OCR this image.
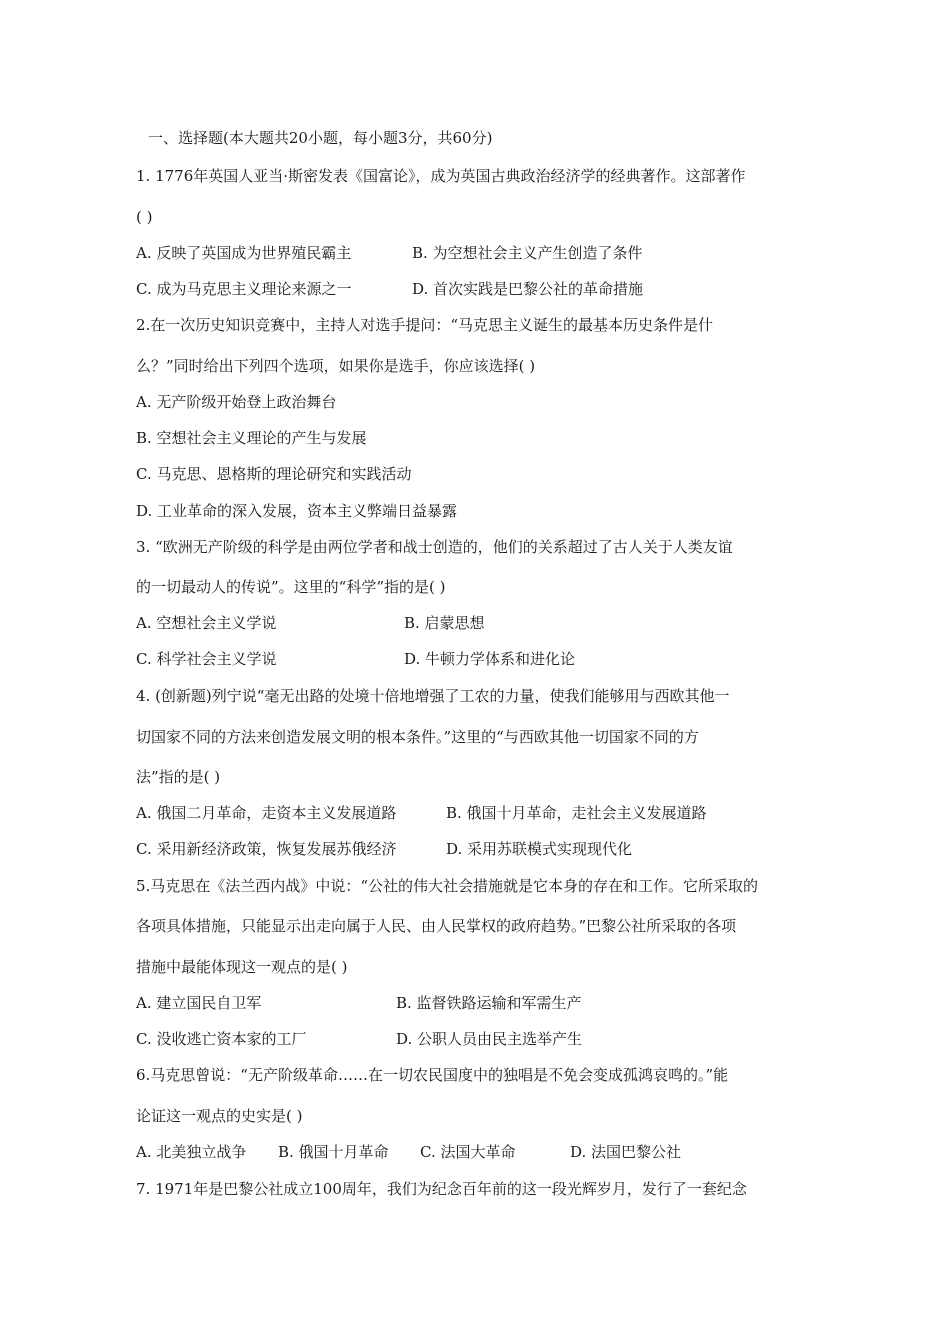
一、选择题(本大题共20小题，每小题3分，共60分)
1. 1776年英国人亚当·斯密发表《国富论》，成为英国古典政治经济学的经典著作。这部著作
( )
A. 反映了英国成为世界殖民霸主	B. 为空想社会主义产生创造了条件
C. 成为马克思主义理论来源之一	D. 首次实践是巴黎公社的革命措施
2.在一次历史知识竞赛中，主持人对选手提问：“马克思主义诞生的最基本历史条件是什
么？”同时给出下列四个选项，如果你是选手，你应该选择( )
A. 无产阶级开始登上政治舞台
B. 空想社会主义理论的产生与发展
C. 马克思、恩格斯的理论研究和实践活动
D. 工业革命的深入发展，资本主义弊端日益暴露
3. “欧洲无产阶级的科学是由两位学者和战士创造的，他们的关系超过了古人关于人类友谊
的一切最动人的传说”。这里的“科学”指的是( )
A. 空想社会主义学说	B. 启蒙思想
C. 科学社会主义学说	D. 牛顿力学体系和进化论
4. (创新题)列宁说“毫无出路的处境十倍地增强了工农的力量，使我们能够用与西欧其他一
切国家不同的方法来创造发展文明的根本条件。”这里的“与西欧其他一切国家不同的方
法”指的是( )
A. 俄国二月革命，走资本主义发展道路	B. 俄国十月革命，走社会主义发展道路
C. 采用新经济政策，恢复发展苏俄经济	D. 采用苏联模式实现现代化
5.马克思在《法兰西内战》中说：“公社的伟大社会措施就是它本身的存在和工作。它所采取的
各项具体措施，只能显示出走向属于人民、由人民掌权的政府趋势。”巴黎公社所采取的各项
措施中最能体现这一观点的是( )
A. 建立国民自卫军	B. 监督铁路运输和军需生产
C. 没收逃亡资本家的工厂	D. 公职人员由民主选举产生
6.马克思曾说：“无产阶级革命……在一切农民国度中的独唱是不免会变成孤鸿哀鸣的。”能
论证这一观点的史实是( )
A. 北美独立战争 B. 俄国十月革命 C. 法国大革命	D. 法国巴黎公社
7. 1971年是巴黎公社成立100周年，我们为纪念百年前的这一段光辉岁月，发行了一套纪念
